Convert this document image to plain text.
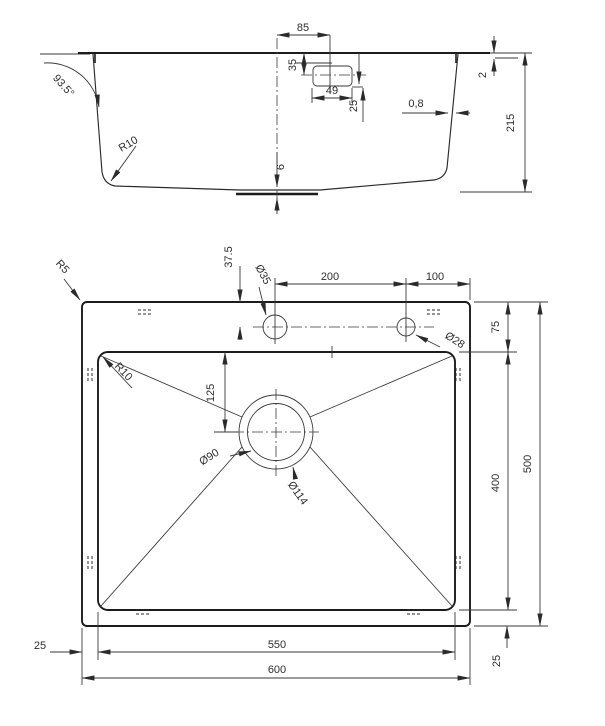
85
35
49
25	0,8
2
215
93.5°
R10
6
R5	37.5
200	100
Ø35
Ø28
R10
125
Ø90
Ø114
75
400
500
25
550
600
25
